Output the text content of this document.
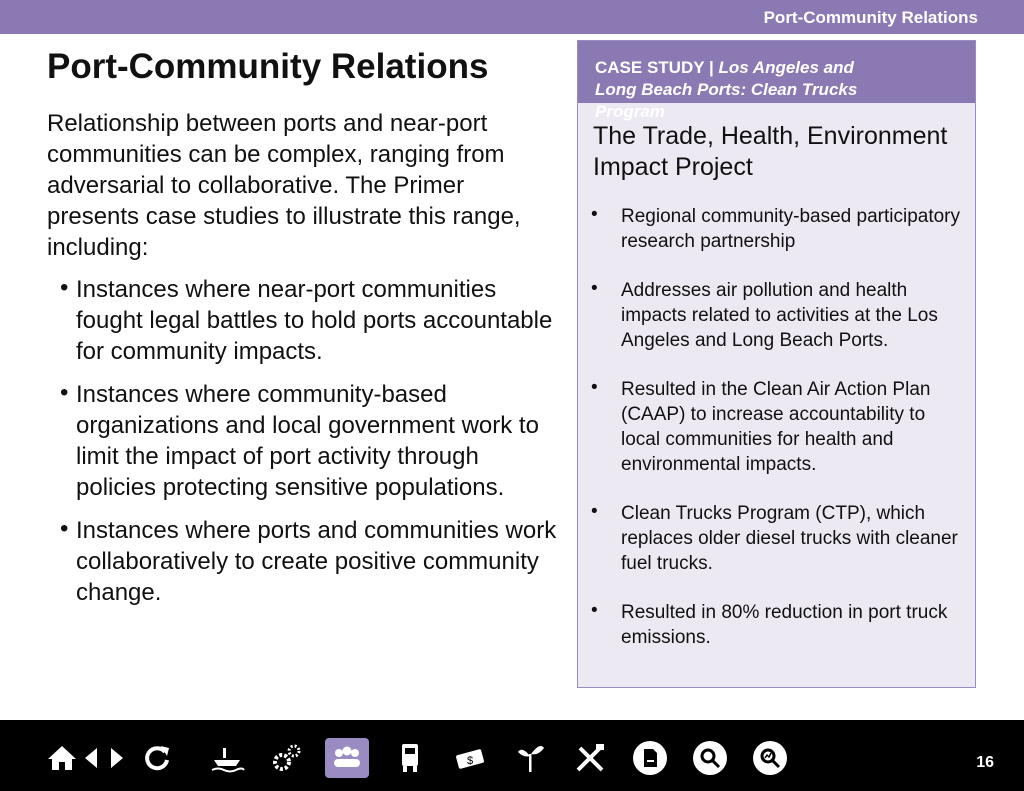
Port-Community Relations
Port-Community Relations

Relationship between ports and near-port communities can be complex, ranging from adversarial to collaborative. The Primer presents case studies to illustrate this range, including:

• Instances where near-port communities fought legal battles to hold ports accountable for community impacts.
• Instances where community-based organizations and local government work to limit the impact of port activity through policies protecting sensitive populations.
• Instances where ports and communities work collaboratively to create positive community change.
CASE STUDY | Los Angeles and Long Beach Ports: Clean Trucks Program
The Trade, Health, Environment Impact Project
• Regional community-based participatory research partnership
• Addresses air pollution and health impacts related to activities at the Los Angeles and Long Beach Ports.
• Resulted in the Clean Air Action Plan (CAAP) to increase accountability to local communities for health and environmental impacts.
• Clean Trucks Program (CTP), which replaces older diesel trucks with cleaner fuel trucks.
• Resulted in 80% reduction in port truck emissions.
$	16
